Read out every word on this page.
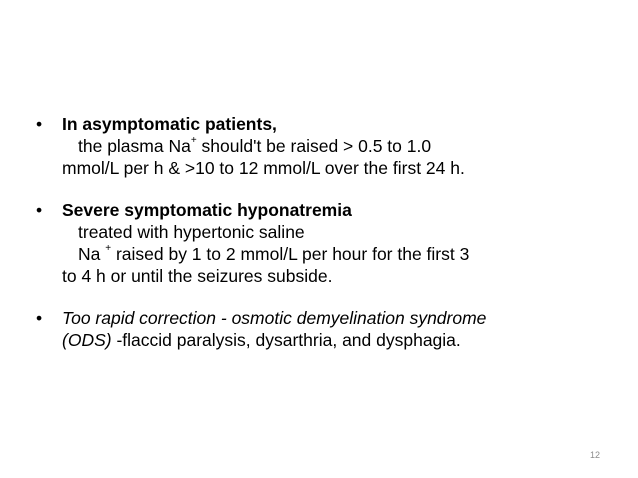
• In asymptomatic patients,
the plasma Na+ should't be raised > 0.5 to 1.0
mmol/L per h & >10 to 12 mmol/L over the first 24 h.
• Severe symptomatic hyponatremia
treated with hypertonic saline
Na + raised by 1 to 2 mmol/L per hour for the first 3
to 4 h or until the seizures subside.
• Too rapid correction - osmotic demyelination syndrome
(ODS) -flaccid paralysis, dysarthria, and dysphagia.
12
